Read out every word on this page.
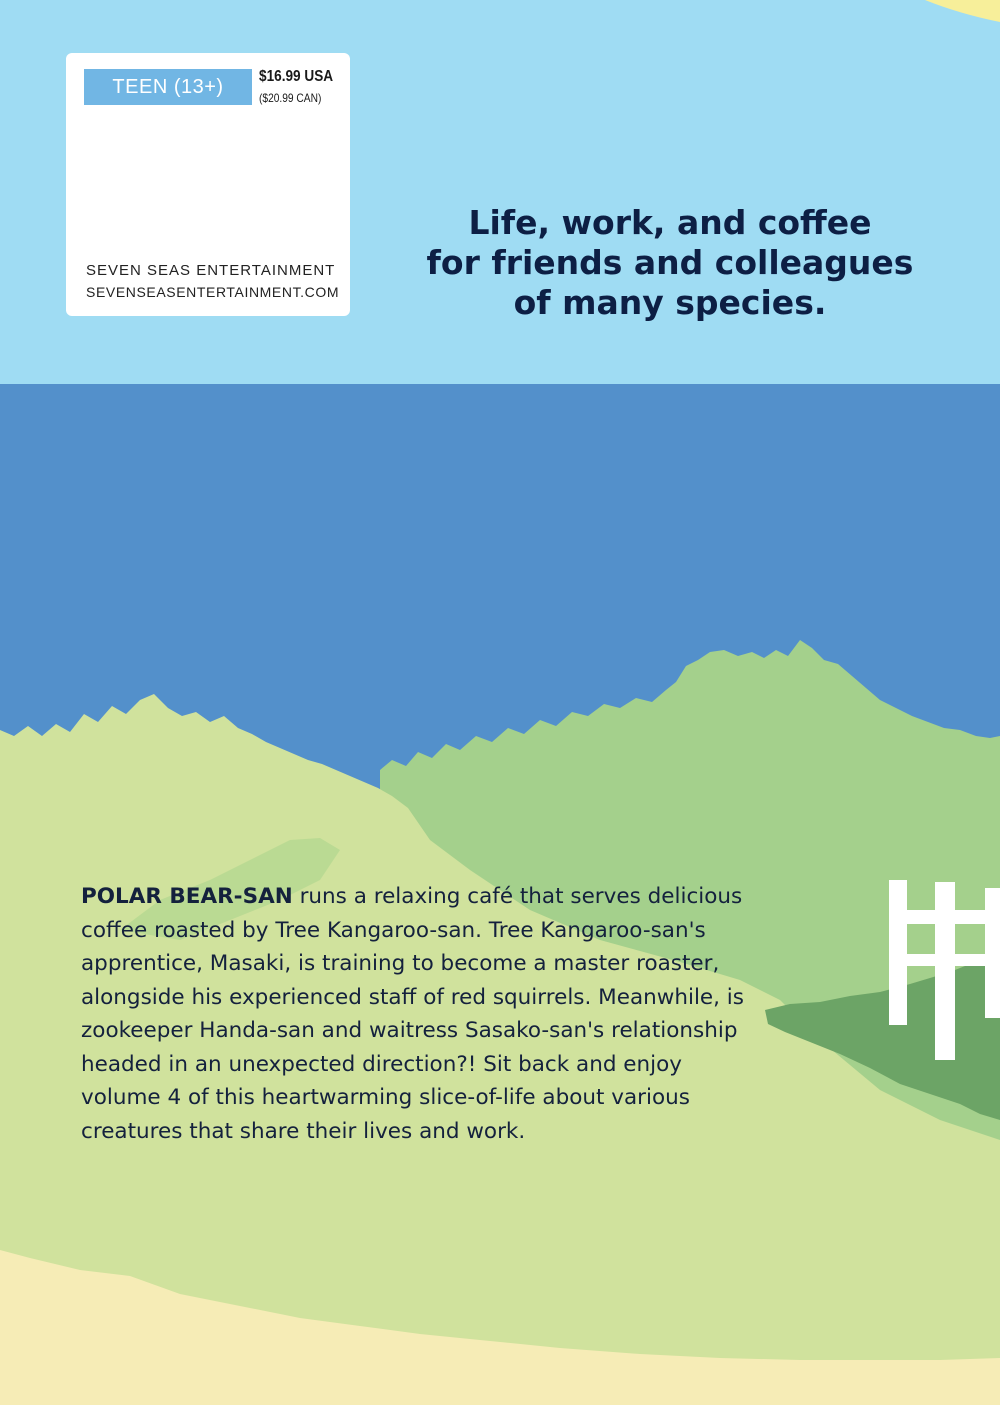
TEEN (13+)	$16.99 USA
($20.99 CAN)
SEVEN SEAS ENTERTAINMENT
SEVENSEASENTERTAINMENT.COM
Life, work, and coffee
for friends and colleagues
of many species.
POLAR BEAR-SAN runs a relaxing café that serves delicious coffee roasted by Tree Kangaroo-san. Tree Kangaroo-san's apprentice, Masaki, is training to become a master roaster, alongside his experienced staff of red squirrels. Meanwhile, is zookeeper Handa-san and waitress Sasako-san's relationship headed in an unexpected direction?! Sit back and enjoy volume 4 of this heartwarming slice-of-life about various creatures that share their lives and work.
